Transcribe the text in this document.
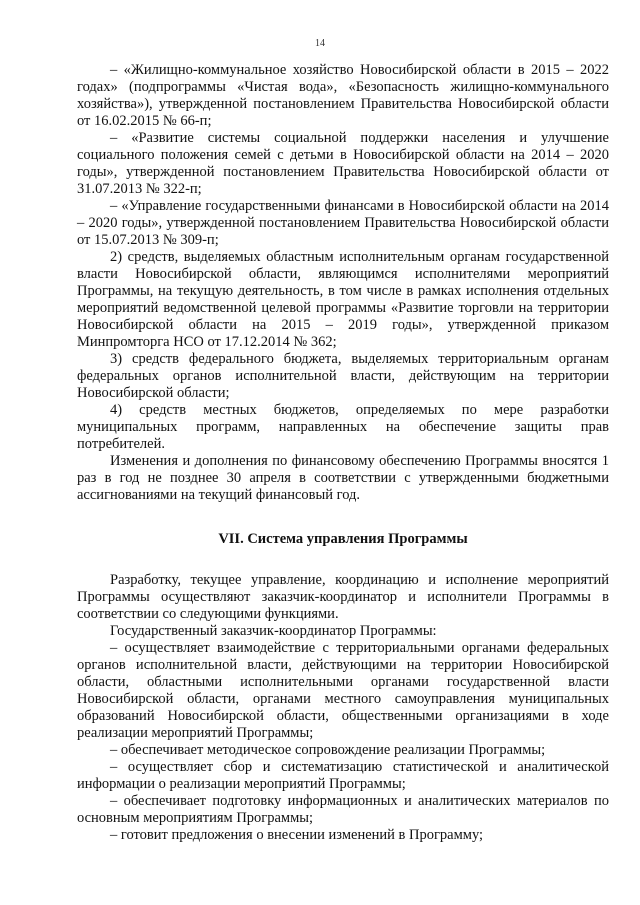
14

– «Жилищно-коммунальное хозяйство Новосибирской области в 2015 – 2022 годах» (подпрограммы «Чистая вода», «Безопасность жилищно-коммунального хозяйства»), утвержденной постановлением Правительства Новосибирской области от 16.02.2015 № 66-п;

– «Развитие системы социальной поддержки населения и улучшение социального положения семей с детьми в Новосибирской области на 2014 – 2020 годы», утвержденной постановлением Правительства Новосибирской области от 31.07.2013 № 322-п;

– «Управление государственными финансами в Новосибирской области на 2014 – 2020 годы», утвержденной постановлением Правительства Новосибирской области от 15.07.2013 № 309-п;

2) средств, выделяемых областным исполнительным органам государственной власти Новосибирской области, являющимся исполнителями мероприятий Программы, на текущую деятельность, в том числе в рамках исполнения отдельных мероприятий ведомственной целевой программы «Развитие торговли на территории Новосибирской области на 2015 – 2019 годы», утвержденной приказом Минпромторга НСО от 17.12.2014 № 362;

3) средств федерального бюджета, выделяемых территориальным органам федеральных органов исполнительной власти, действующим на территории Новосибирской области;

4) средств местных бюджетов, определяемых по мере разработки муниципальных программ, направленных на обеспечение защиты прав потребителей.

Изменения и дополнения по финансовому обеспечению Программы вносятся 1 раз в год не позднее 30 апреля в соответствии с утвержденными бюджетными ассигнованиями на текущий финансовый год.

VII. Система управления Программы

Разработку, текущее управление, координацию и исполнение мероприятий Программы осуществляют заказчик-координатор и исполнители Программы в соответствии со следующими функциями.

Государственный заказчик-координатор Программы:

– осуществляет взаимодействие с территориальными органами федеральных органов исполнительной власти, действующими на территории Новосибирской области, областными исполнительными органами государственной власти Новосибирской области, органами местного самоуправления муниципальных образований Новосибирской области, общественными организациями в ходе реализации мероприятий Программы;

– обеспечивает методическое сопровождение реализации Программы;

– осуществляет сбор и систематизацию статистической и аналитической информации о реализации мероприятий Программы;

– обеспечивает подготовку информационных и аналитических материалов по основным мероприятиям Программы;

– готовит предложения о внесении изменений в Программу;
